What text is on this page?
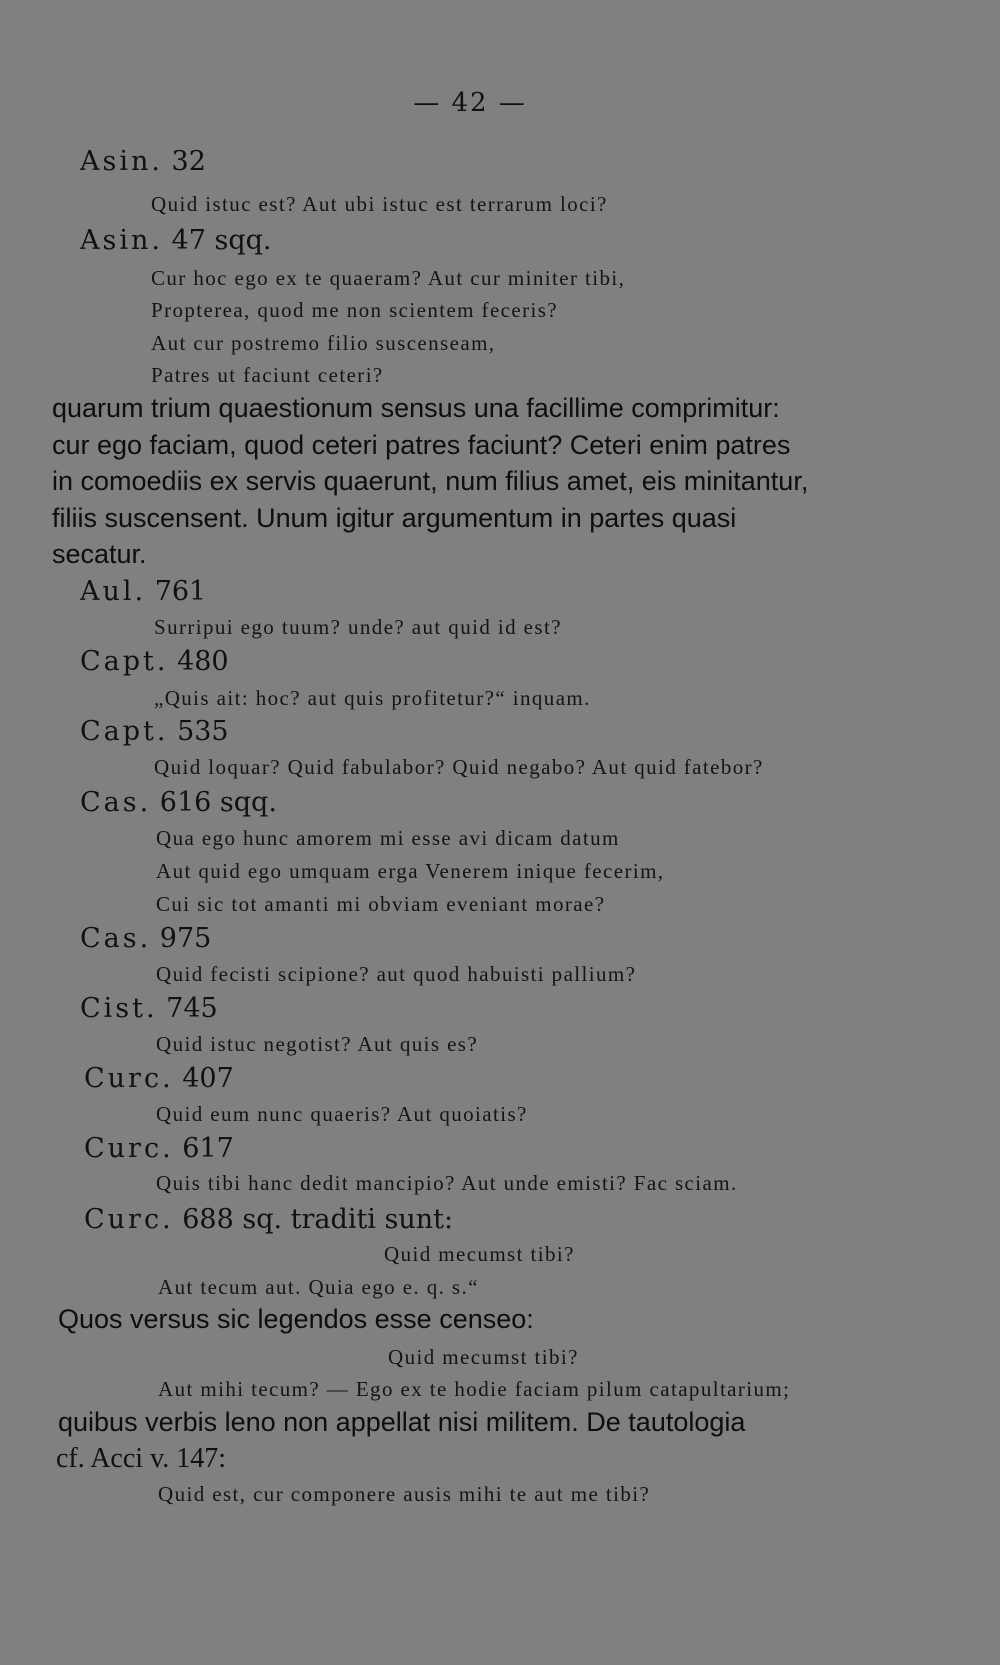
— 42 —
Asin. 32
Quid istuc est? Aut ubi istuc est terrarum loci?
Asin. 47 sqq.
Cur hoc ego ex te quaeram? Aut cur miniter tibi,
Propterea, quod me non scientem feceris?
Aut cur postremo filio suscenseam,
Patres ut faciunt ceteri?
quarum trium quaestionum sensus una facillime comprimitur:
cur ego faciam, quod ceteri patres faciunt? Ceteri enim patres
in comoediis ex servis quaerunt, num filius amet, eis minitantur,
filiis suscensent. Unum igitur argumentum in partes quasi
secatur.
Aul. 761
Surripui ego tuum? unde? aut quid id est?
Capt. 480
„Quis ait: hoc? aut quis profitetur?“ inquam.
Capt. 535
Quid loquar? Quid fabulabor? Quid negabo? Aut quid fatebor?
Cas. 616 sqq.
Qua ego hunc amorem mi esse avi dicam datum
Aut quid ego umquam erga Venerem inique fecerim,
Cui sic tot amanti mi obviam eveniant morae?
Cas. 975
Quid fecisti scipione? aut quod habuisti pallium?
Cist. 745
Quid istuc negotist? Aut quis es?
Curc. 407
Quid eum nunc quaeris? Aut quoiatis?
Curc. 617
Quis tibi hanc dedit mancipio? Aut unde emisti? Fac sciam.
Curc. 688 sq. traditi sunt:
Quid mecumst tibi?
Aut tecum aut. Quia ego e. q. s.“
Quos versus sic legendos esse censeo:
Quid mecumst tibi?
Aut mihi tecum? — Ego ex te hodie faciam pilum catapultarium;
quibus verbis leno non appellat nisi militem. De tautologia
cf. Acci v. 147:
Quid est, cur componere ausis mihi te aut me tibi?
